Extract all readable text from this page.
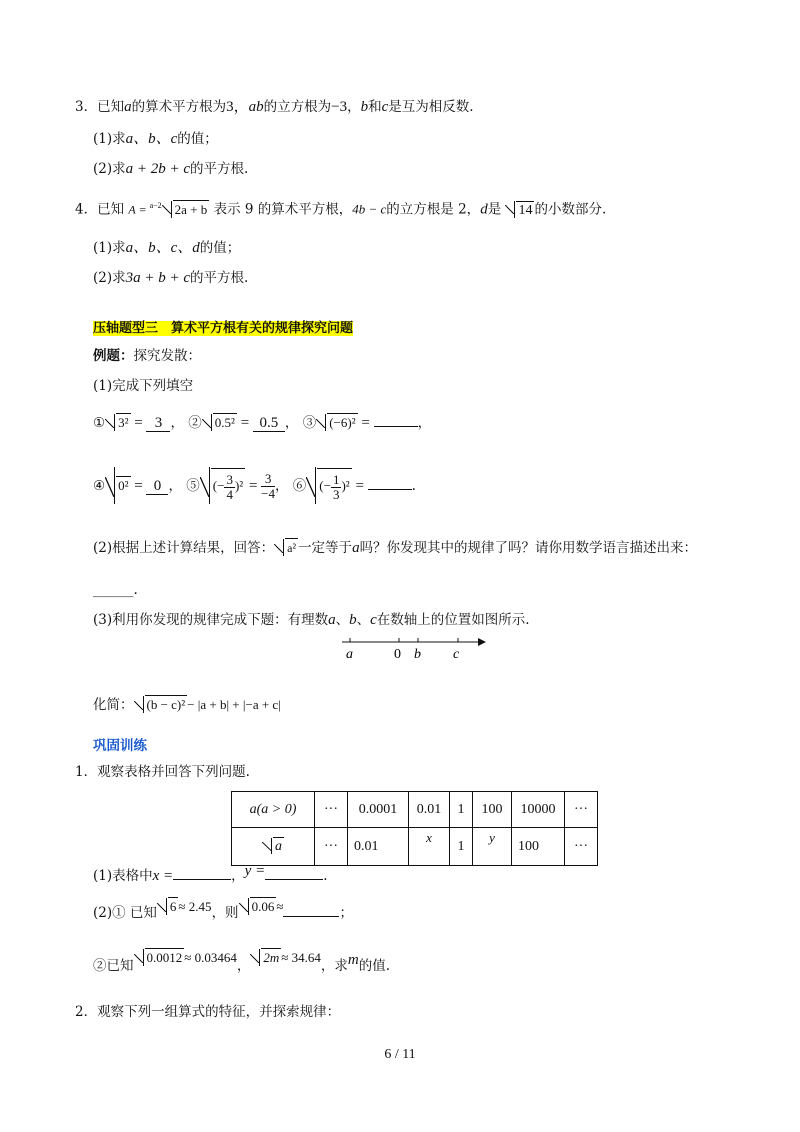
3．已知a的算术平方根为3，ab的立方根为−3，b和c是互为相反数.
(1)求a、b、c的值；
(2)求a + 2b + c的平方根.
4．已知 A = $^{a-2}$ 2a + b 表示 9 的算术平方根，4b − c的立方根是 2，d是 14 的小数部分.
(1)求a、b、c、d的值；
(2)求3a + b + c的平方根.
压轴题型三　算术平方根有关的规律探究问题
例题：探究发散：
(1)完成下列填空
① 3² = 3 ， ② 0.5² = 0.5 ， ③ (−6)² =	，
④ 0² = 0 ， ⑤ (− $\frac{3}{4} )^2 = \frac{3}{-4}$ ， ⑥ (− $\frac{1}{3} )^2$ =	.
(2)根据上述计算结果，回答： a² 一定等于a吗？你发现其中的规律了吗？请你用数学语言描述出来：
______.
(3)利用你发现的规律完成下题：有理数a、b、c在数轴上的位置如图所示.
a	0 b c
化简： (b − c)² − |a + b| + |−a + c|
巩固训练
1．观察表格并回答下列问题.
a(a > 0)	···	0.0001	0.01	1	100	10000	···
a	···	0.01	x	1	y	100	···
(1)表格中x =	，y =	.
(2)① 已知 6 ≈ 2.45，则 0.06 ≈	；
②已知0.0012 ≈ 0.03464，2m ≈ 34.64，求m的值.
2．观察下列一组算式的特征，并探索规律：
6 / 11
